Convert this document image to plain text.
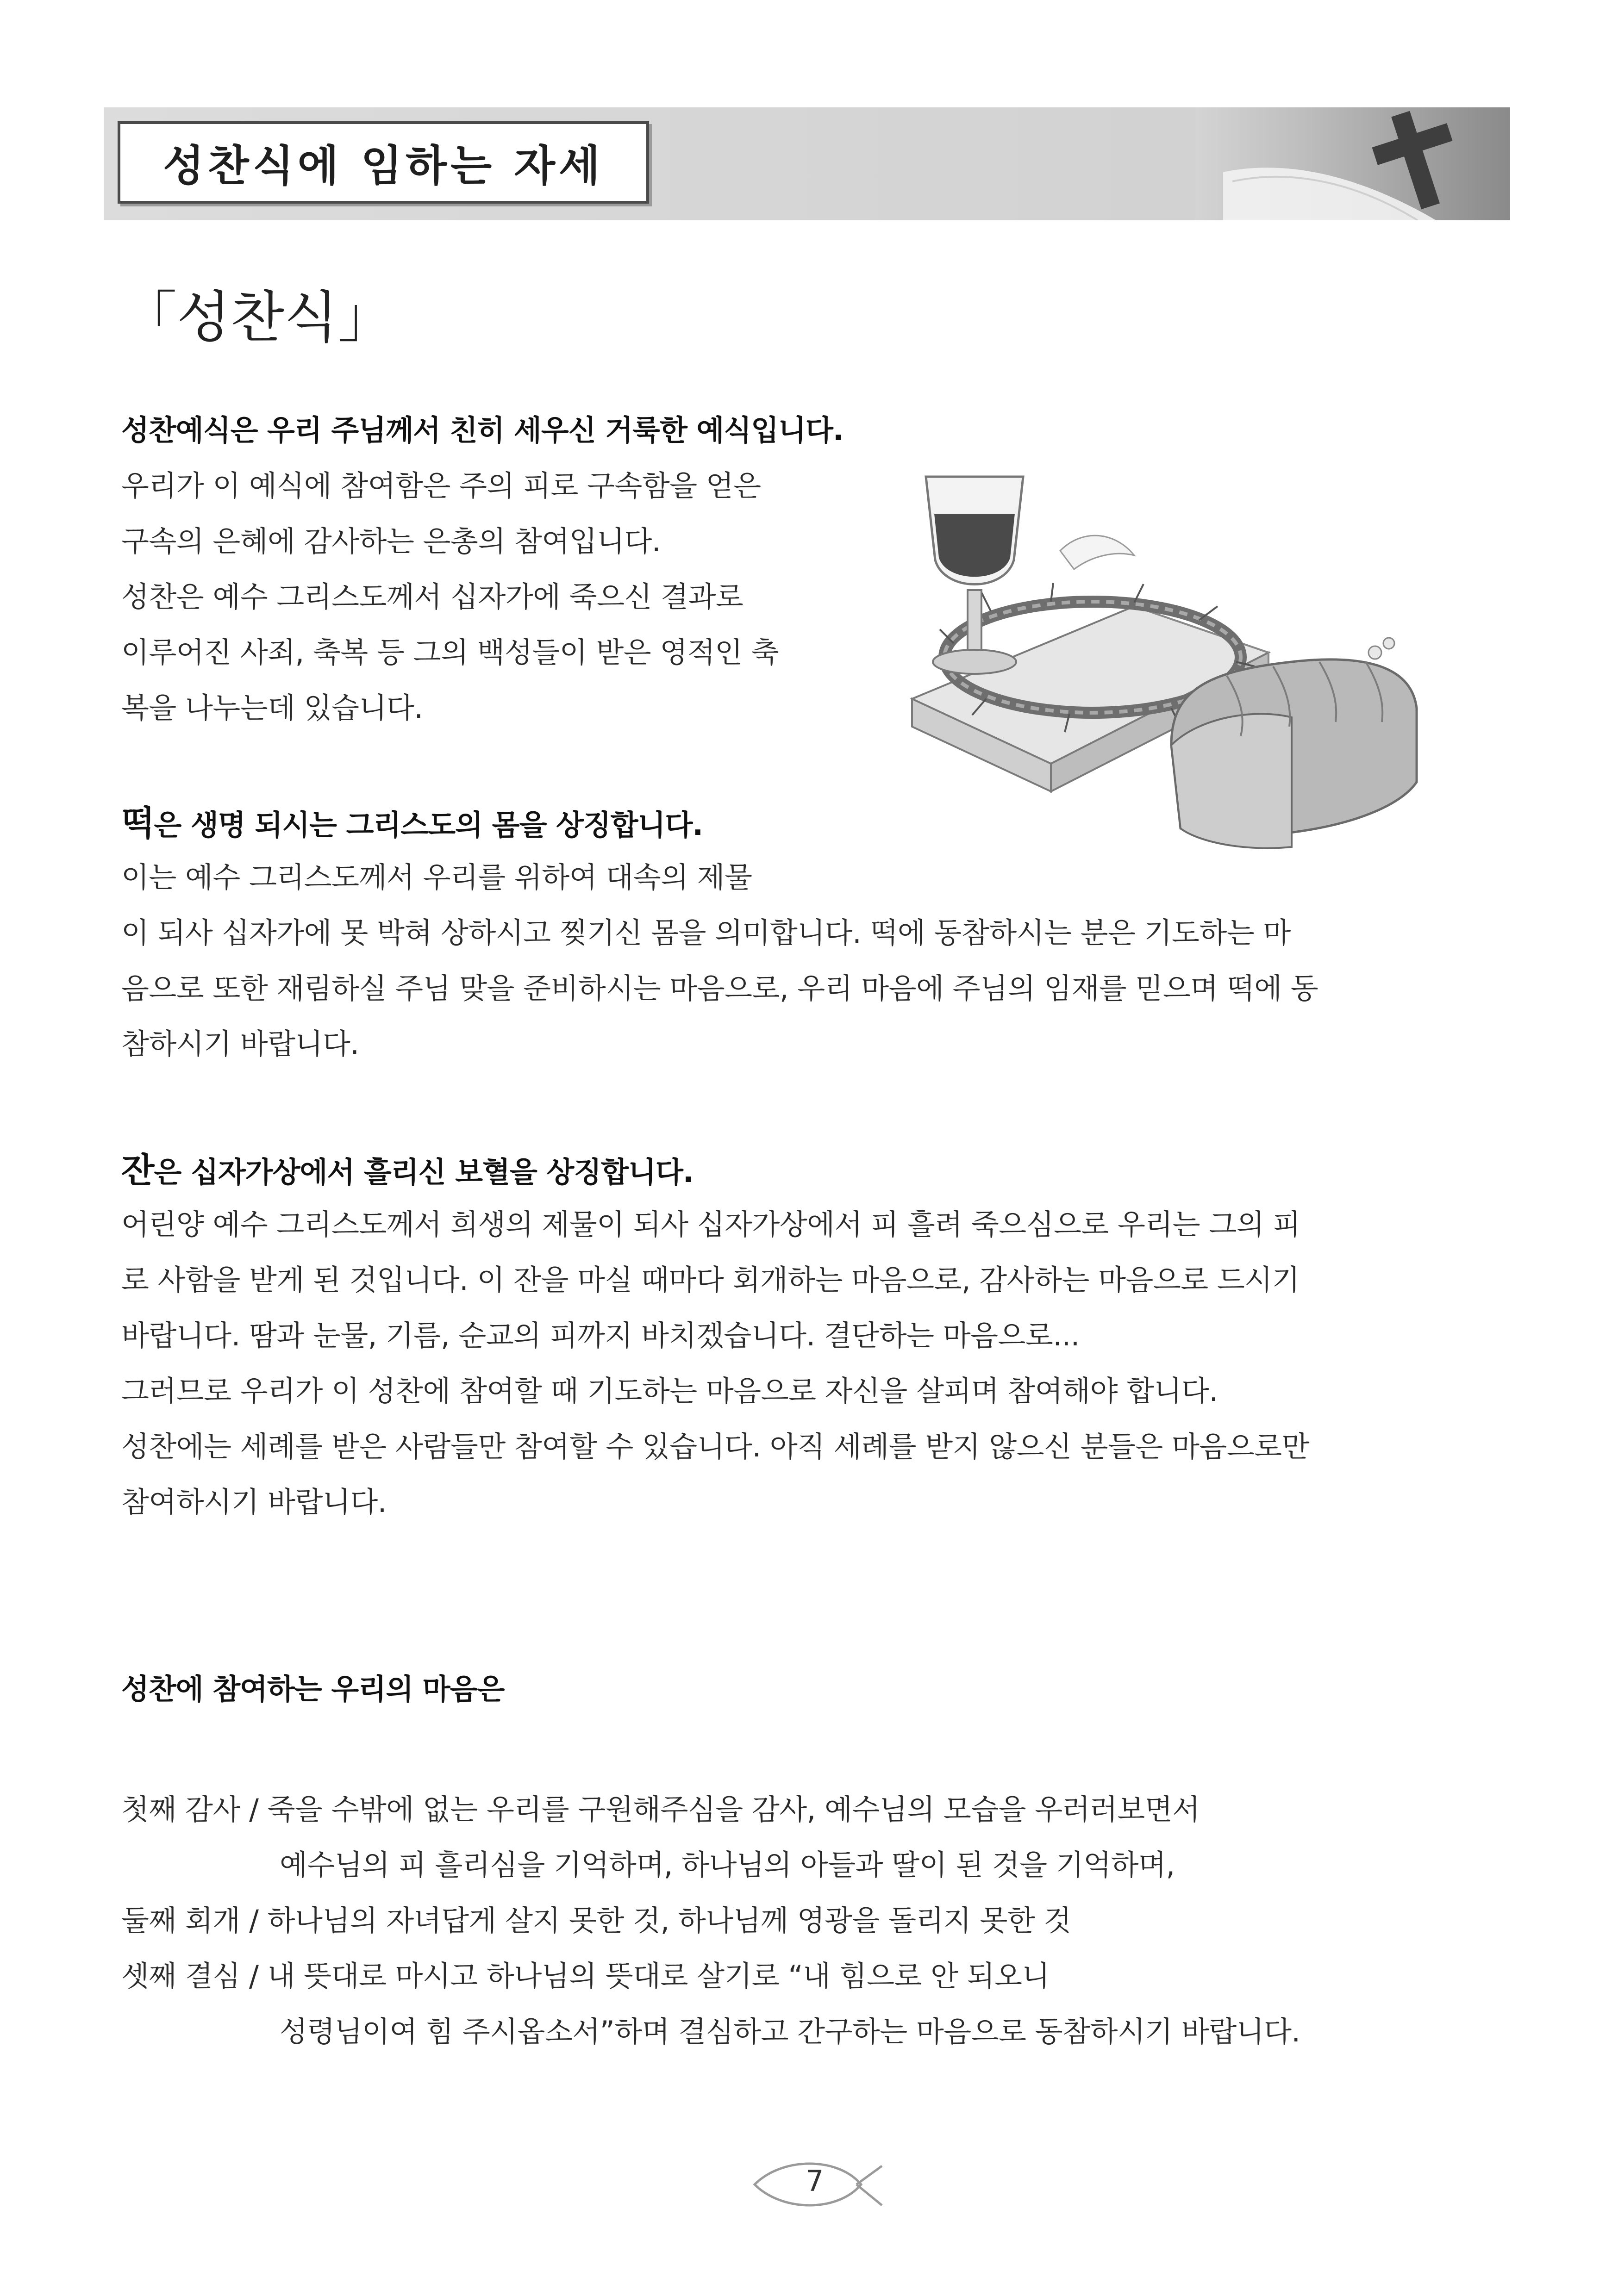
성찬식에 임하는 자세
「성찬식」
성찬예식은 우리 주님께서 친히 세우신 거룩한 예식입니다.
우리가 이 예식에 참여함은 주의 피로 구속함을 얻은
구속의 은혜에 감사하는 은총의 참여입니다.
성찬은 예수 그리스도께서 십자가에 죽으신 결과로
이루어진 사죄, 축복 등 그의 백성들이 받은 영적인 축
복을 나누는데 있습니다.
떡은 생명 되시는 그리스도의 몸을 상징합니다.
이는 예수 그리스도께서 우리를 위하여 대속의 제물
이 되사 십자가에 못 박혀 상하시고 찢기신 몸을 의미합니다. 떡에 동참하시는 분은 기도하는 마
음으로 또한 재림하실 주님 맞을 준비하시는 마음으로, 우리 마음에 주님의 임재를 믿으며 떡에 동
참하시기 바랍니다.
잔은 십자가상에서 흘리신 보혈을 상징합니다.
어린양 예수 그리스도께서 희생의 제물이 되사 십자가상에서 피 흘려 죽으심으로 우리는 그의 피
로 사함을 받게 된 것입니다. 이 잔을 마실 때마다 회개하는 마음으로, 감사하는 마음으로 드시기
바랍니다. 땀과 눈물, 기름, 순교의 피까지 바치겠습니다. 결단하는 마음으로...
그러므로 우리가 이 성찬에 참여할 때 기도하는 마음으로 자신을 살피며 참여해야 합니다.
성찬에는 세례를 받은 사람들만 참여할 수 있습니다. 아직 세례를 받지 않으신 분들은 마음으로만
참여하시기 바랍니다.
성찬에 참여하는 우리의 마음은
첫째 감사 / 죽을 수밖에 없는 우리를 구원해주심을 감사, 예수님의 모습을 우러러보면서
예수님의 피 흘리심을 기억하며, 하나님의 아들과 딸이 된 것을 기억하며,
둘째 회개 / 하나님의 자녀답게 살지 못한 것, 하나님께 영광을 돌리지 못한 것
셋째 결심 / 내 뜻대로 마시고 하나님의 뜻대로 살기로 “내 힘으로 안 되오니
성령님이여 힘 주시옵소서”하며 결심하고 간구하는 마음으로 동참하시기 바랍니다.
7
